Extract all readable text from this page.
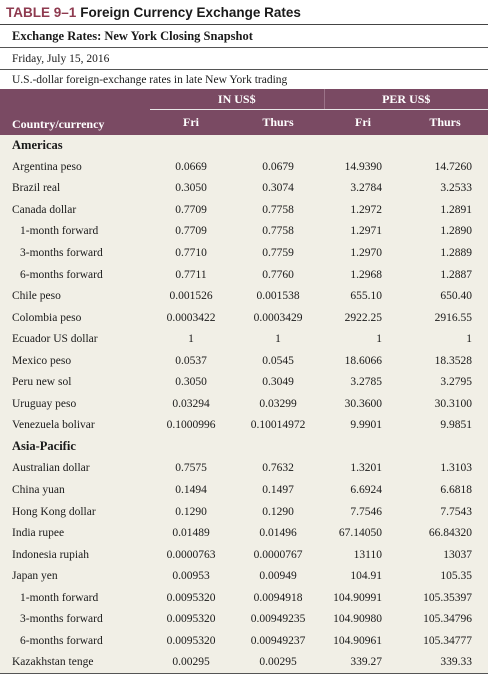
TABLE 9–1 Foreign Currency Exchange Rates
Exchange Rates: New York Closing Snapshot
Friday, July 15, 2016
U.S.-dollar foreign-exchange rates in late New York trading
	IN US$		PER US$	
Country/currency	Fri	Thurs	Fri	Thurs
Americas				
Argentina peso	0.0669	0.0679	14.9390	14.7260
Brazil real	0.3050	0.3074	3.2784	3.2533
Canada dollar	0.7709	0.7758	1.2972	1.2891
1-month forward	0.7709	0.7758	1.2971	1.2890
3-months forward	0.7710	0.7759	1.2970	1.2889
6-months forward	0.7711	0.7760	1.2968	1.2887
Chile peso	0.001526	0.001538	655.10	650.40
Colombia peso	0.0003422	0.0003429	2922.25	2916.55
Ecuador US dollar	1	1	1	1
Mexico peso	0.0537	0.0545	18.6066	18.3528
Peru new sol	0.3050	0.3049	3.2785	3.2795
Uruguay peso	0.03294	0.03299	30.3600	30.3100
Venezuela bolivar	0.1000996	0.10014972	9.9901	9.9851
Asia-Pacific				
Australian dollar	0.7575	0.7632	1.3201	1.3103
China yuan	0.1494	0.1497	6.6924	6.6818
Hong Kong dollar	0.1290	0.1290	7.7546	7.7543
India rupee	0.01489	0.01496	67.14050	66.84320
Indonesia rupiah	0.0000763	0.0000767	13110	13037
Japan yen	0.00953	0.00949	104.91	105.35
1-month forward	0.0095320	0.0094918	104.90991	105.35397
3-months forward	0.0095320	0.00949235	104.90980	105.34796
6-months forward	0.0095320	0.00949237	104.90961	105.34777
Kazakhstan tenge	0.00295	0.00295	339.27	339.33
